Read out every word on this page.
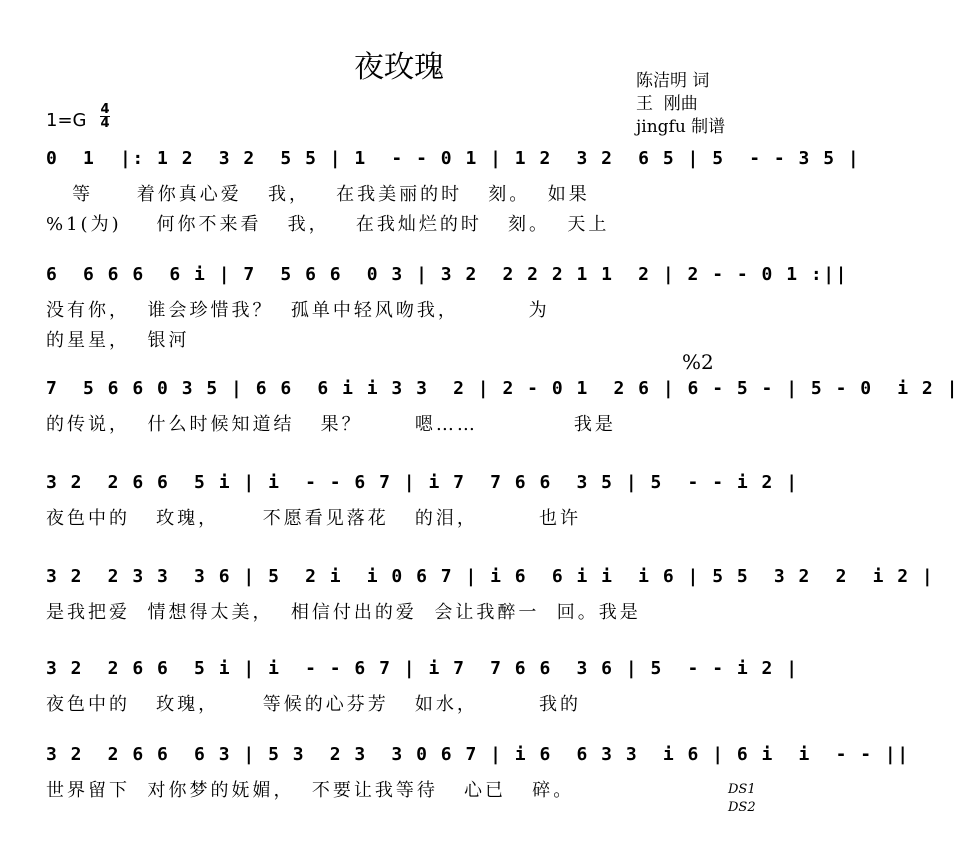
夜玫瑰	陈洁明 词
王  刚曲
jingfu 制谱
1=G
4
4
0  1  |: 1 2  3 2  5 5 | 1  - - 0 1 | 1 2  3 2  6 5 | 5  - - 3 5 |
等     着你真心爱   我，   在我美丽的时   刻。  如果
%1(为)    何你不来看   我，   在我灿烂的时   刻。  天上
6  6 6 6  6 i | 7  5 6 6  0 3 | 3 2  2 2 2 1 1  2 | 2 - - 0 1 :||
没有你，  谁会珍惜我？  孤单中轻风吻我，        为
的星星，  银河
%2
7  5 6 6 0 3 5 | 6 6  6 i i 3 3  2 | 2 - 0 1  2 6 | 6 - 5 - | 5 - 0  i 2 |
的传说，  什么时候知道结   果？      嗯……           我是
3 2  2 6 6  5 i | i  - - 6 7 | i 7  7 6 6  3 5 | 5  - - i 2 |
夜色中的   玫瑰，     不愿看见落花   的泪，       也许
3 2  2 3 3  3 6 | 5  2 i  i 0 6 7 | i 6  6 i i  i 6 | 5 5  3 2  2  i 2 |
是我把爱  情想得太美，  相信付出的爱  会让我醉一  回。我是
3 2  2 6 6  5 i | i  - - 6 7 | i 7  7 6 6  3 6 | 5  - - i 2 |
夜色中的   玫瑰，     等候的心芬芳   如水，       我的
3 2  2 6 6  6 3 | 5 3  2 3  3 0 6 7 | i 6  6 3 3  i 6 | 6 i  i  - - ||
世界留下  对你梦的妩媚，  不要让我等待   心已   碎。	DS1
DS2
